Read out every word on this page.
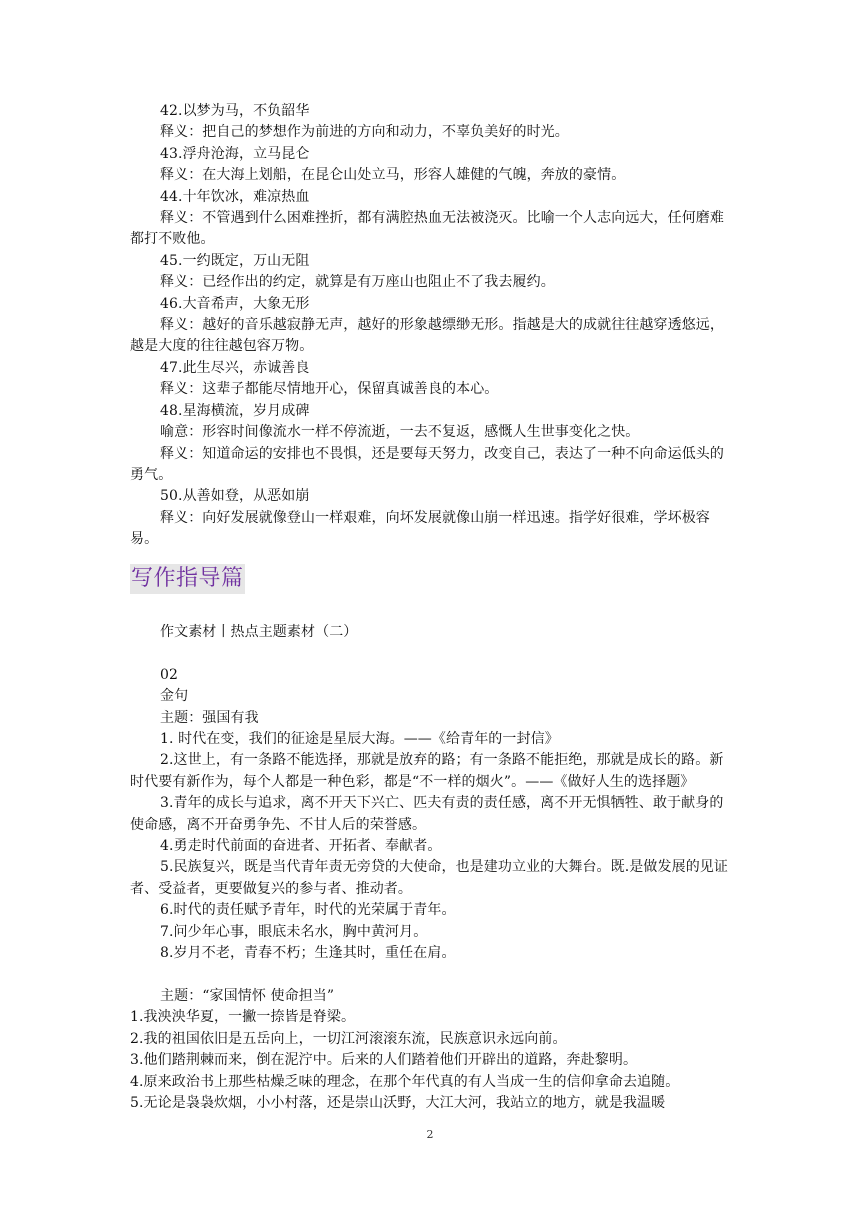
42.以梦为马，不负韶华
释义：把自己的梦想作为前进的方向和动力，不辜负美好的时光。
43.浮舟沧海，立马昆仑
释义：在大海上划船，在昆仑山处立马，形容人雄健的气魄，奔放的豪情。
44.十年饮冰，难凉热血
释义：不管遇到什么困难挫折，都有满腔热血无法被浇灭。比喻一个人志向远大，任何磨难都打不败他。
45.一约既定，万山无阻
释义：已经作出的约定，就算是有万座山也阻止不了我去履约。
46.大音希声，大象无形
释义：越好的音乐越寂静无声，越好的形象越缥缈无形。指越是大的成就往往越穿透悠远，越是大度的往往越包容万物。
47.此生尽兴，赤诚善良
释义：这辈子都能尽情地开心，保留真诚善良的本心。
48.星海横流，岁月成碑
喻意：形容时间像流水一样不停流逝，一去不复返，感慨人生世事变化之快。
释义：知道命运的安排也不畏惧，还是要每天努力，改变自己，表达了一种不向命运低头的勇气。
50.从善如登，从恶如崩
释义：向好发展就像登山一样艰难，向坏发展就像山崩一样迅速。指学好很难，学坏极容易。
写作指导篇
作文素材丨热点主题素材（二）
02
金句
主题：强国有我
1. 时代在变，我们的征途是星辰大海。——《给青年的一封信》
2.这世上，有一条路不能选择，那就是放弃的路；有一条路不能拒绝，那就是成长的路。新时代要有新作为，每个人都是一种色彩，都是“不一样的烟火”。——《做好人生的选择题》
3.青年的成长与追求，离不开天下兴亡、匹夫有责的责任感，离不开无惧牺牲、敢于献身的使命感，离不开奋勇争先、不甘人后的荣誉感。
4.勇走时代前面的奋进者、开拓者、奉献者。
5.民族复兴，既是当代青年责无旁贷的大使命，也是建功立业的大舞台。既.是做发展的见证者、受益者，更要做复兴的参与者、推动者。
6.时代的责任赋予青年，时代的光荣属于青年。
7.问少年心事，眼底未名水，胸中黄河月。
8.岁月不老，青春不朽；生逢其时，重任在肩。
主题：“家国情怀 使命担当”
1.我泱泱华夏，一撇一捺皆是脊梁。
2.我的祖国依旧是五岳向上，一切江河滚滚东流，民族意识永远向前。
3.他们踏荆棘而来，倒在泥泞中。后来的人们踏着他们开辟出的道路，奔赴黎明。
4.原来政治书上那些枯燥乏味的理念，在那个年代真的有人当成一生的信仰拿命去追随。
5.无论是袅袅炊烟，小小村落，还是崇山沃野，大江大河，我站立的地方，就是我温暖
2
